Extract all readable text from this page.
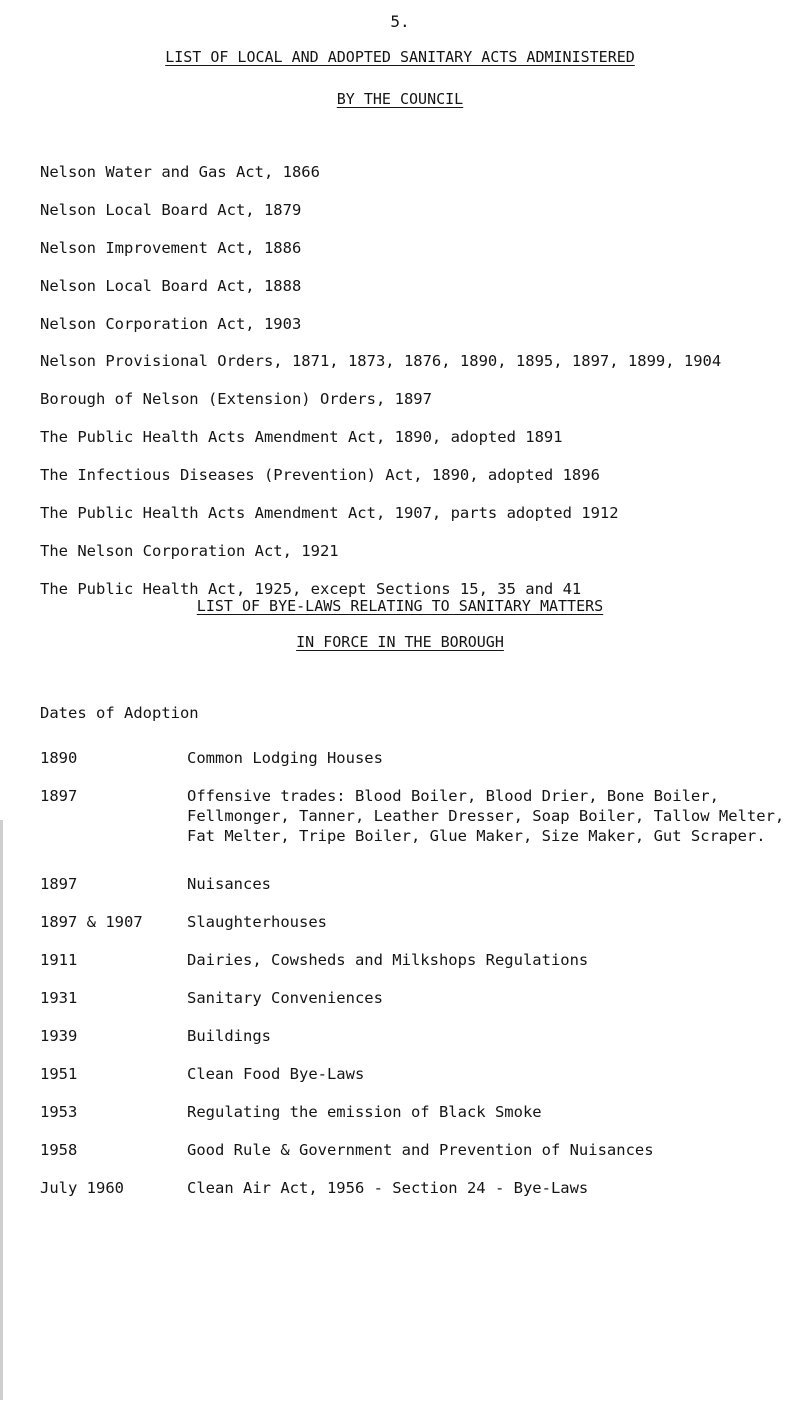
5.
LIST OF LOCAL AND ADOPTED SANITARY ACTS ADMINISTERED
BY THE COUNCIL
Nelson Water and Gas Act, 1866
Nelson Local Board Act, 1879
Nelson Improvement Act, 1886
Nelson Local Board Act, 1888
Nelson Corporation Act, 1903
Nelson Provisional Orders, 1871, 1873, 1876, 1890, 1895, 1897, 1899, 1904
Borough of Nelson (Extension) Orders, 1897
The Public Health Acts Amendment Act, 1890, adopted 1891
The Infectious Diseases (Prevention) Act, 1890, adopted 1896
The Public Health Acts Amendment Act, 1907, parts adopted 1912
The Nelson Corporation Act, 1921
The Public Health Act, 1925, except Sections 15, 35 and 41
LIST OF BYE-LAWS RELATING TO SANITARY MATTERS
IN FORCE IN THE BOROUGH
Dates of Adoption
1890	Common Lodging Houses
1897	Offensive trades: Blood Boiler, Blood Drier, Bone Boiler, Fellmonger, Tanner, Leather Dresser, Soap Boiler, Tallow Melter, Fat Melter, Tripe Boiler, Glue Maker, Size Maker, Gut Scraper.
1897	Nuisances
1897 & 1907	Slaughterhouses
1911	Dairies, Cowsheds and Milkshops Regulations
1931	Sanitary Conveniences
1939	Buildings
1951	Clean Food Bye-Laws
1953	Regulating the emission of Black Smoke
1958	Good Rule & Government and Prevention of Nuisances
July 1960	Clean Air Act, 1956 - Section 24 - Bye-Laws
